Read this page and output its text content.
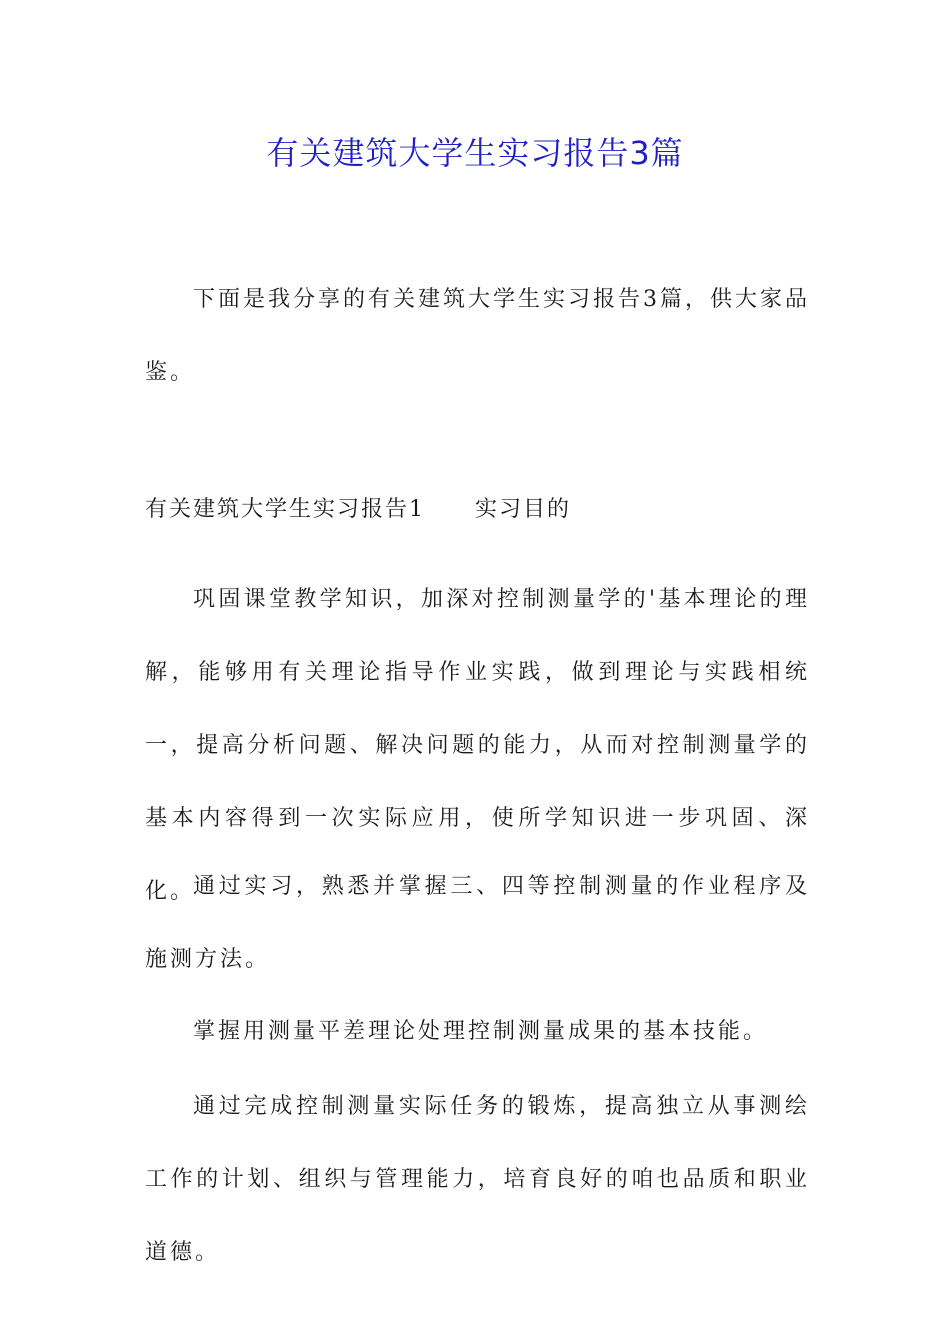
有关建筑大学生实习报告3篇

下面是我分享的有关建筑大学生实习报告3篇，供大家品鉴。

有关建筑大学生实习报告1 实习目的

巩固课堂教学知识，加深对控制测量学的'基本理论的理解，能够用有关理论指导作业实践，做到理论与实践相统一，提高分析问题、解决问题的能力，从而对控制测量学的基本内容得到一次实际应用，使所学知识进一步巩固、深化。

通过实习，熟悉并掌握三、四等控制测量的作业程序及施测方法。

掌握用测量平差理论处理控制测量成果的基本技能。

通过完成控制测量实际任务的锻炼，提高独立从事测绘工作的计划、组织与管理能力，培育良好的咱也品质和职业道德。
